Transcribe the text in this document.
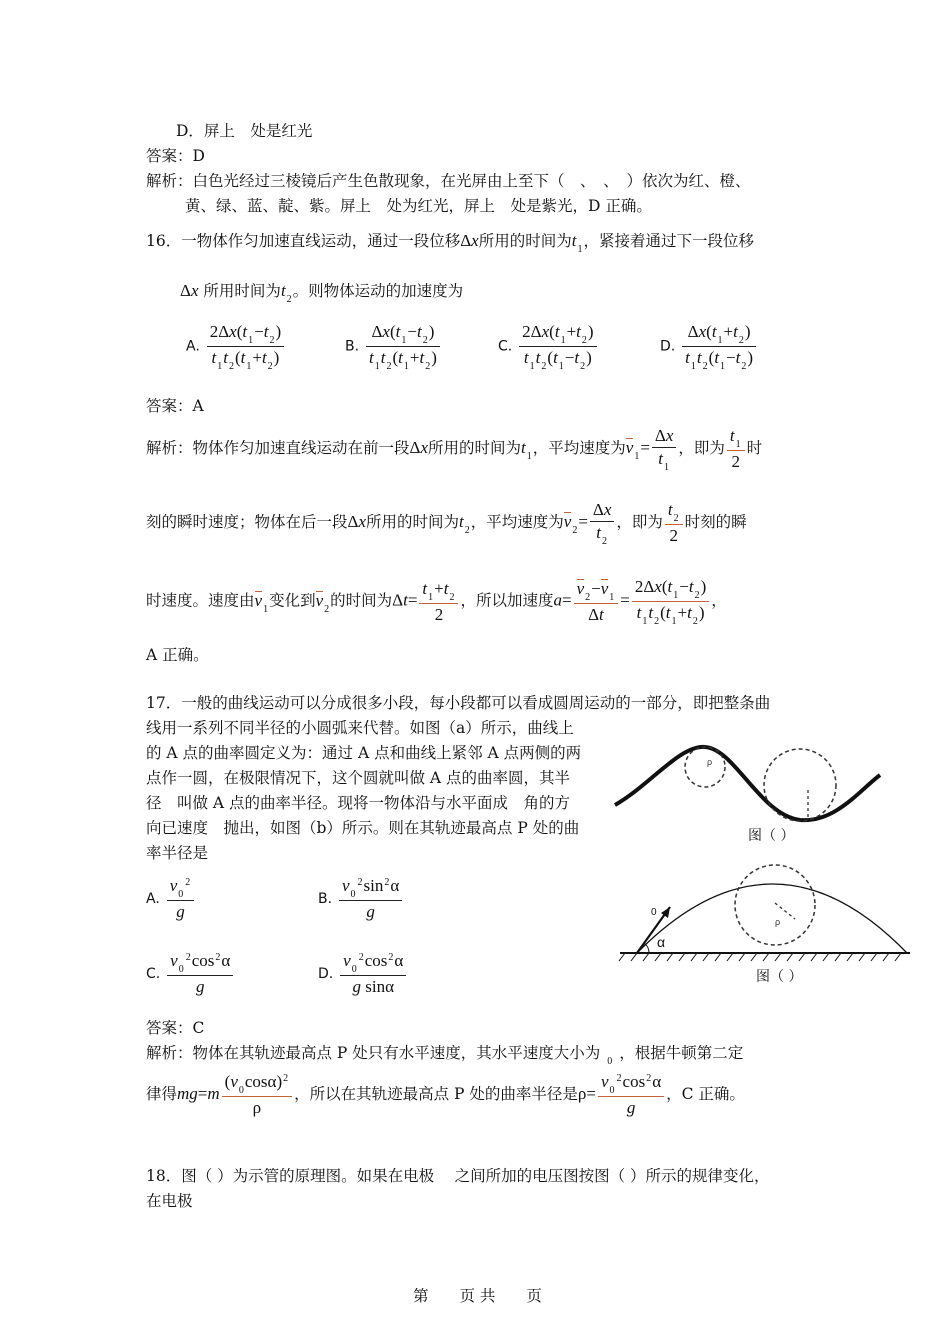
D．屏上　处是红光
答案：D
解析：白色光经过三棱镜后产生色散现象，在光屏由上至下（　、　、　）依次为红、橙、
黄、绿、蓝、靛、紫。屏上　处为红光，屏上　处是紫光，D 正确。
16．一物体作匀加速直线运动，通过一段位移Δx所用的时间为$t_1$，紧接着通过下一段位移
Δx 所用时间为$t_2$。则物体运动的加速度为
A. $\frac{2\Delta x(t_1-t_2)}{t_1t_2(t_1+t_2)}$	B. $\frac{\Delta x(t_1-t_2)}{t_1t_2(t_1+t_2)}$	C. $\frac{2\Delta x(t_1+t_2)}{t_1t_2(t_1-t_2)}$	D. $\frac{\Delta x(t_1+t_2)}{t_1t_2(t_1-t_2)}$
答案：A
解析：物体作匀加速直线运动在前一段Δx所用的时间为$t_1$，平均速度为$v_1= \frac{\Delta x}{t_1}$ ，即为 $\frac{t_1}{2}$ 时
刻的瞬时速度；物体在后一段Δx所用的时间为$t_2$，平均速度为$v_2= \frac{\Delta x}{t_2}$ ，即为 $\frac{t_2}{2}$ 时刻的瞬
时速度。速度由$v_1$变化到$v_2$的时间为$\Delta t= \frac{t_1+t_2}{2}$ ，所以加速度$a= \frac{v_2-v_1}{\Delta t} = \frac{2\Delta x(t_1-t_2)}{t_1t_2(t_1+t_2)}$ ，
A 正确。
17．一般的曲线运动可以分成很多小段，每小段都可以看成圆周运动的一部分，即把整条曲
线用一系列不同半径的小圆弧来代替。如图（a）所示，曲线上
的 A 点的曲率圆定义为：通过 A 点和曲线上紧邻 A 点两侧的两
点作一圆，在极限情况下，这个圆就叫做 A 点的曲率圆，其半
径　叫做 A 点的曲率半径。现将一物体沿与水平面成　角的方
向已速度　抛出，如图（b）所示。则在其轨迹最高点 P 处的曲
率半径是
ρ
图（ ）
0
α
ρ
图（ ）
A. $\frac{v_0^2}{g}$	B. $\frac{v_0^2\sin^2\alpha}{g}$
C. $\frac{v_0^2\cos^2\alpha}{g}$	D. $\frac{v_0^2\cos^2\alpha}{\text{g sinα}}$
答案：C
解析：物体在其轨迹最高点 P 处只有水平速度，其水平速度大小为 $_0$ ，根据牛顿第二定
律得$mg=m \frac{(v_0\cos\alpha)^2}{\rho}$ ，所以在其轨迹最高点 P 处的曲率半径是$\rho= \frac{v_0^2\cos^2\alpha}{g}$ ，C 正确。
18．图（ ）为示管的原理图。如果在电极　 之间所加的电压图按图（ ）所示的规律变化，
在电极
第　　页 共　　页
